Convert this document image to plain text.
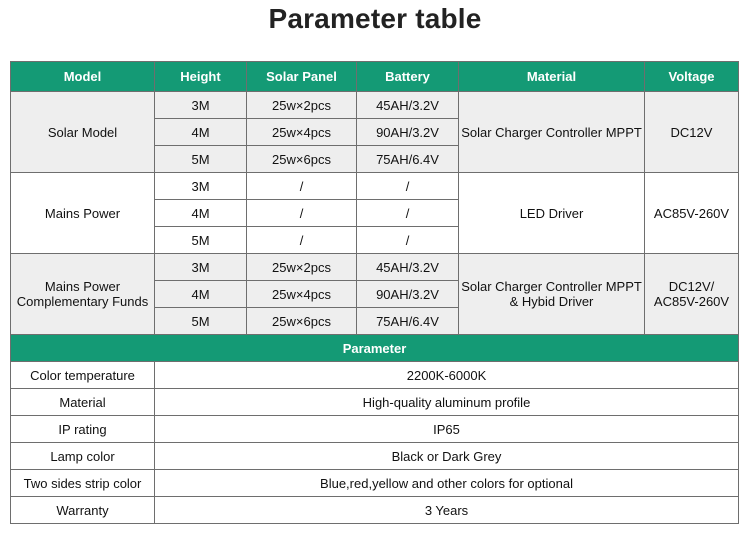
Parameter table
Model	Height	Solar Panel	Battery	Material	Voltage
Solar Model	3M	25w×2pcs	45AH/3.2V	Solar Charger Controller MPPT	DC12V
	4M	25w×4pcs	90AH/3.2V		
	5M	25w×6pcs	75AH/6.4V		
Mains Power	3M	/	/	LED Driver	AC85V-260V
	4M	/	/		
	5M	/	/		
Mains Power Complementary Funds	3M	25w×2pcs	45AH/3.2V	Solar Charger Controller MPPT & Hybid Driver	DC12V/ AC85V-260V
	4M	25w×4pcs	90AH/3.2V		
	5M	25w×6pcs	75AH/6.4V		
Parameter					
Color temperature	2200K-6000K				
Material	High-quality aluminum profile				
IP rating	IP65				
Lamp color	Black or Dark Grey				
Two sides strip color	Blue,red,yellow and other colors for optional				
Warranty	3 Years				
